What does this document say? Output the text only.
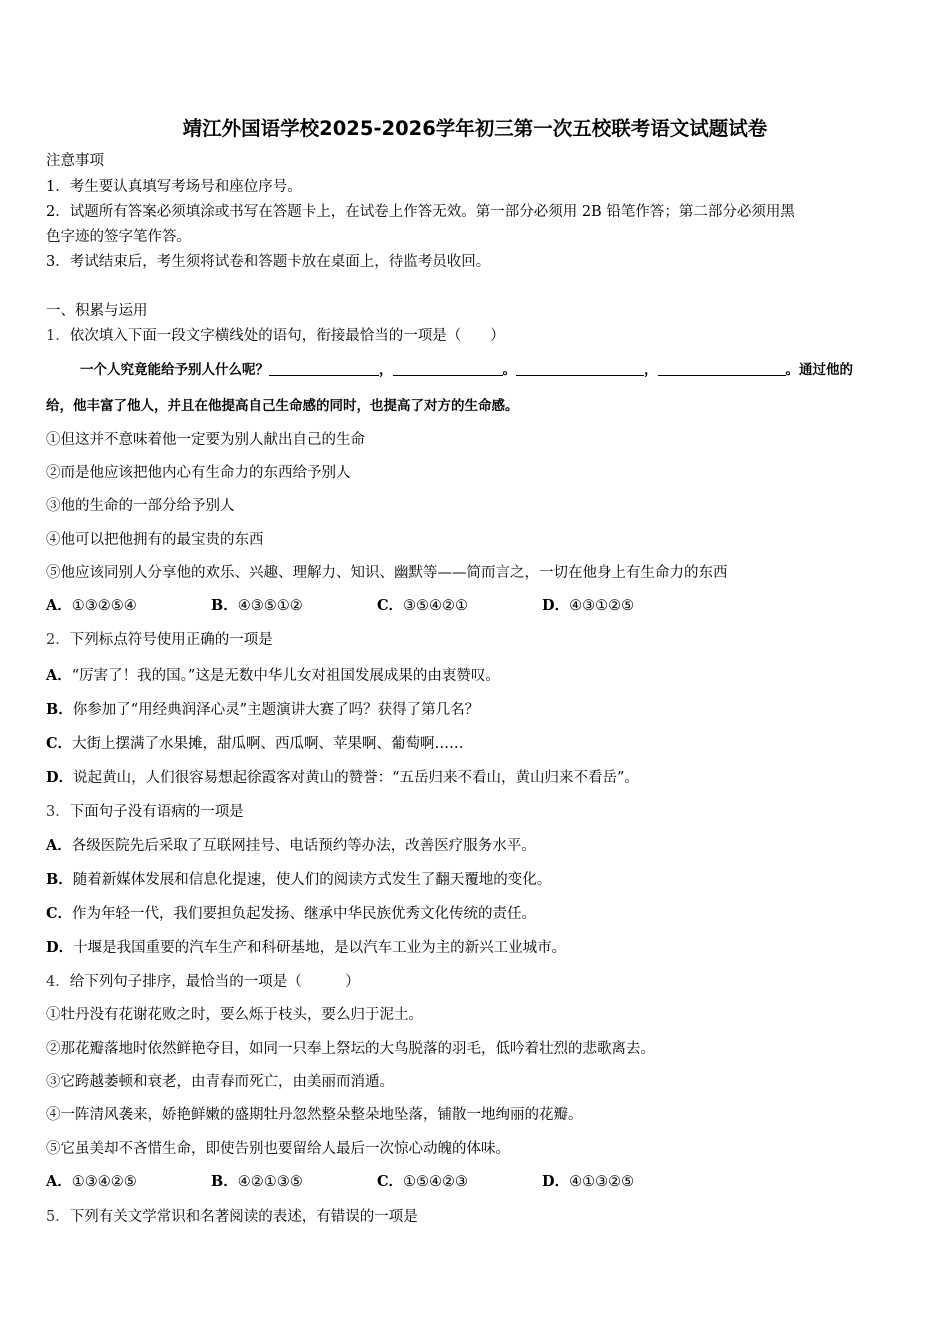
靖江外国语学校2025-2026学年初三第一次五校联考语文试题试卷
注意事项
1．考生要认真填写考场号和座位序号。
2．试题所有答案必须填涂或书写在答题卡上，在试卷上作答无效。第一部分必须用 2B 铅笔作答；第二部分必须用黑
色字迹的签字笔作答。
3．考试结束后，考生须将试卷和答题卡放在桌面上，待监考员收回。
一、积累与运用
1．依次填入下面一段文字横线处的语句，衔接最恰当的一项是（　　）
一个人究竟能给予别人什么呢？	，	。	，	。通过他的
给，他丰富了他人，并且在他提高自己生命感的同时，也提高了对方的生命感。
①但这并不意味着他一定要为别人献出自己的生命
②而是他应该把他内心有生命力的东西给予别人
③他的生命的一部分给予别人
④他可以把他拥有的最宝贵的东西
⑤他应该同别人分享他的欢乐、兴趣、理解力、知识、幽默等——简而言之，一切在他身上有生命力的东西
A．①③②⑤④	B．④③⑤①②	C．③⑤④②①	D．④③①②⑤
2．下列标点符号使用正确的一项是
A．“厉害了！我的国。”这是无数中华儿女对祖国发展成果的由衷赞叹。
B．你参加了“用经典润泽心灵”主题演讲大赛了吗？获得了第几名？
C．大街上摆满了水果摊，甜瓜啊、西瓜啊、苹果啊、葡萄啊……
D．说起黄山，人们很容易想起徐霞客对黄山的赞誉：“五岳归来不看山，黄山归来不看岳”。
3．下面句子没有语病的一项是
A．各级医院先后采取了互联网挂号、电话预约等办法，改善医疗服务水平。
B．随着新媒体发展和信息化提速，使人们的阅读方式发生了翻天覆地的变化。
C．作为年轻一代，我们要担负起发扬、继承中华民族优秀文化传统的责任。
D．十堰是我国重要的汽车生产和科研基地，是以汽车工业为主的新兴工业城市。
4．给下列句子排序，最恰当的一项是（　　　）
①牡丹没有花谢花败之时，要么烁于枝头，要么归于泥土。
②那花瓣落地时依然鲜艳夺目，如同一只奉上祭坛的大鸟脱落的羽毛，低吟着壮烈的悲歌离去。
③它跨越萎顿和衰老，由青春而死亡，由美丽而消遁。
④一阵清风袭来，娇艳鲜嫩的盛期牡丹忽然整朵整朵地坠落，铺散一地绚丽的花瓣。
⑤它虽美却不吝惜生命，即使告别也要留给人最后一次惊心动魄的体味。
A．①③④②⑤	B．④②①③⑤	C．①⑤④②③	D．④①③②⑤
5．下列有关文学常识和名著阅读的表述，有错误的一项是
